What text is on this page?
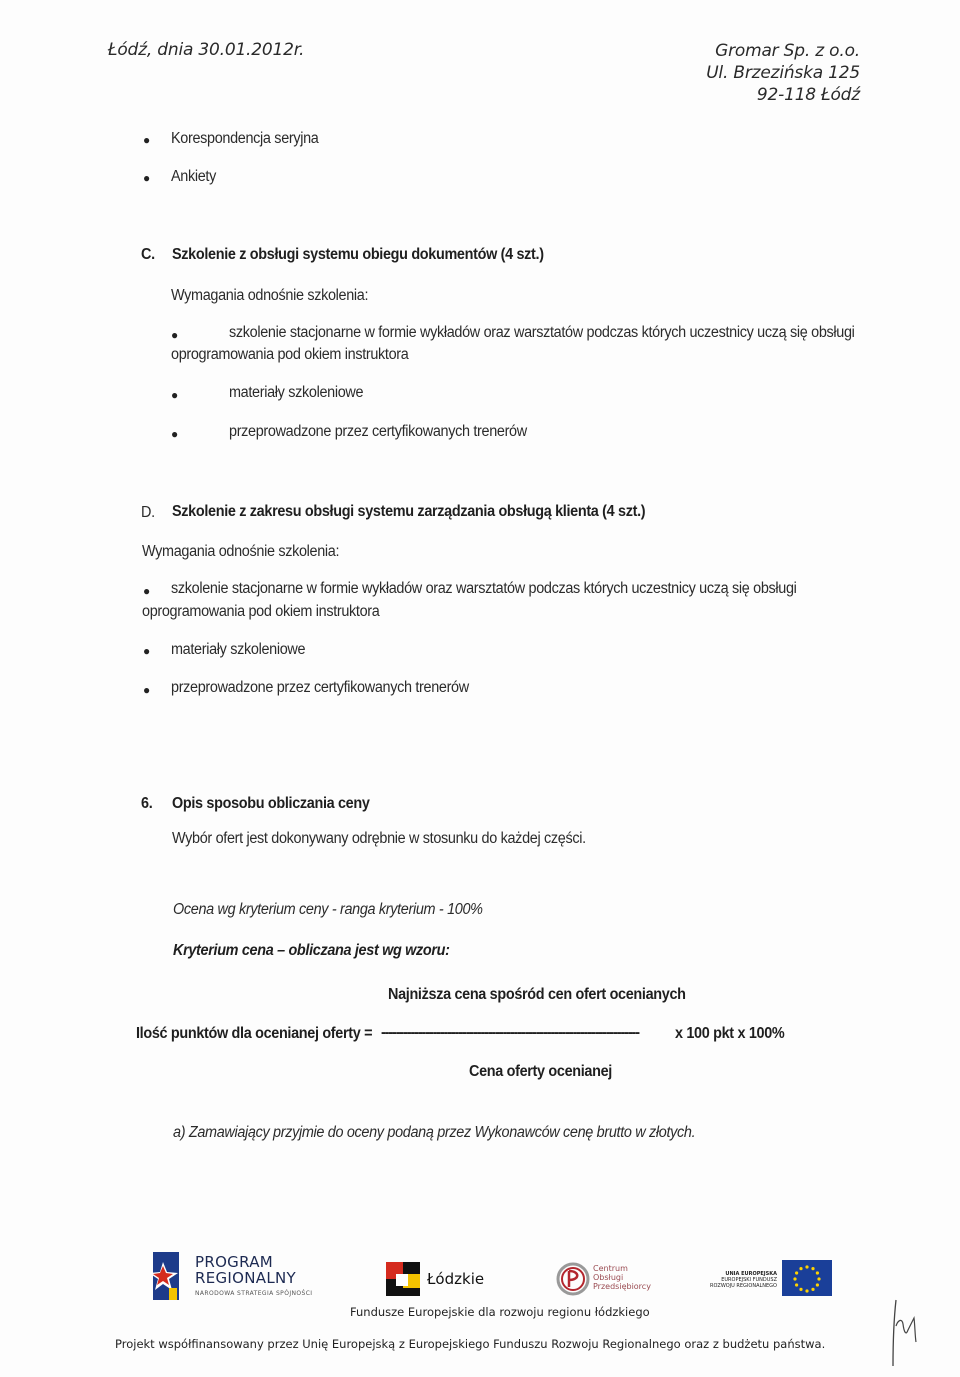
Łódź, dnia 30.01.2012r.	Gromar Sp. z o.o.
Ul. Brzezińska 125
92-118 Łódź
● Korespondencja seryjna
● Ankiety
C. Szkolenie z obsługi systemu obiegu dokumentów (4 szt.)
Wymagania odnośnie szkolenia:
●	szkolenie stacjonarne w formie wykładów oraz warsztatów podczas których uczestnicy uczą się obsługi
oprogramowania pod okiem instruktora
●	materiały szkoleniowe
●	przeprowadzone przez certyfikowanych trenerów
D. Szkolenie z zakresu obsługi systemu zarządzania obsługą klienta (4 szt.)
Wymagania odnośnie szkolenia:
● szkolenie stacjonarne w formie wykładów oraz warsztatów podczas których uczestnicy uczą się obsługi
oprogramowania pod okiem instruktora
● materiały szkoleniowe
● przeprowadzone przez certyfikowanych trenerów
6. Opis sposobu obliczania ceny
Wybór ofert jest dokonywany odrębnie w stosunku do każdej części.
Ocena wg kryterium ceny - ranga kryterium - 100%
Kryterium cena – obliczana jest wg wzoru:
Najniższa cena spośród cen ofert ocenianych
Ilość punktów dla ocenianej oferty = ---------------------------------------------------------------------- x 100 pkt x 100%
Cena oferty ocenianej
a) Zamawiający przyjmie do oceny podaną przez Wykonawców cenę brutto w złotych.
PROGRAM
REGIONALNY
NARODOWA STRATEGIA SPÓJNOŚCI
Łódzkie
Centrum
Obsługi
Przedsiębiorcy
UNIA EUROPEJSKA
EUROPEJSKI FUNDUSZ
ROZWOJU REGIONALNEGO
Fundusze Europejskie dla rozwoju regionu łódzkiego
Projekt współfinansowany przez Unię Europejską z Europejskiego Funduszu Rozwoju Regionalnego oraz z budżetu państwa.
